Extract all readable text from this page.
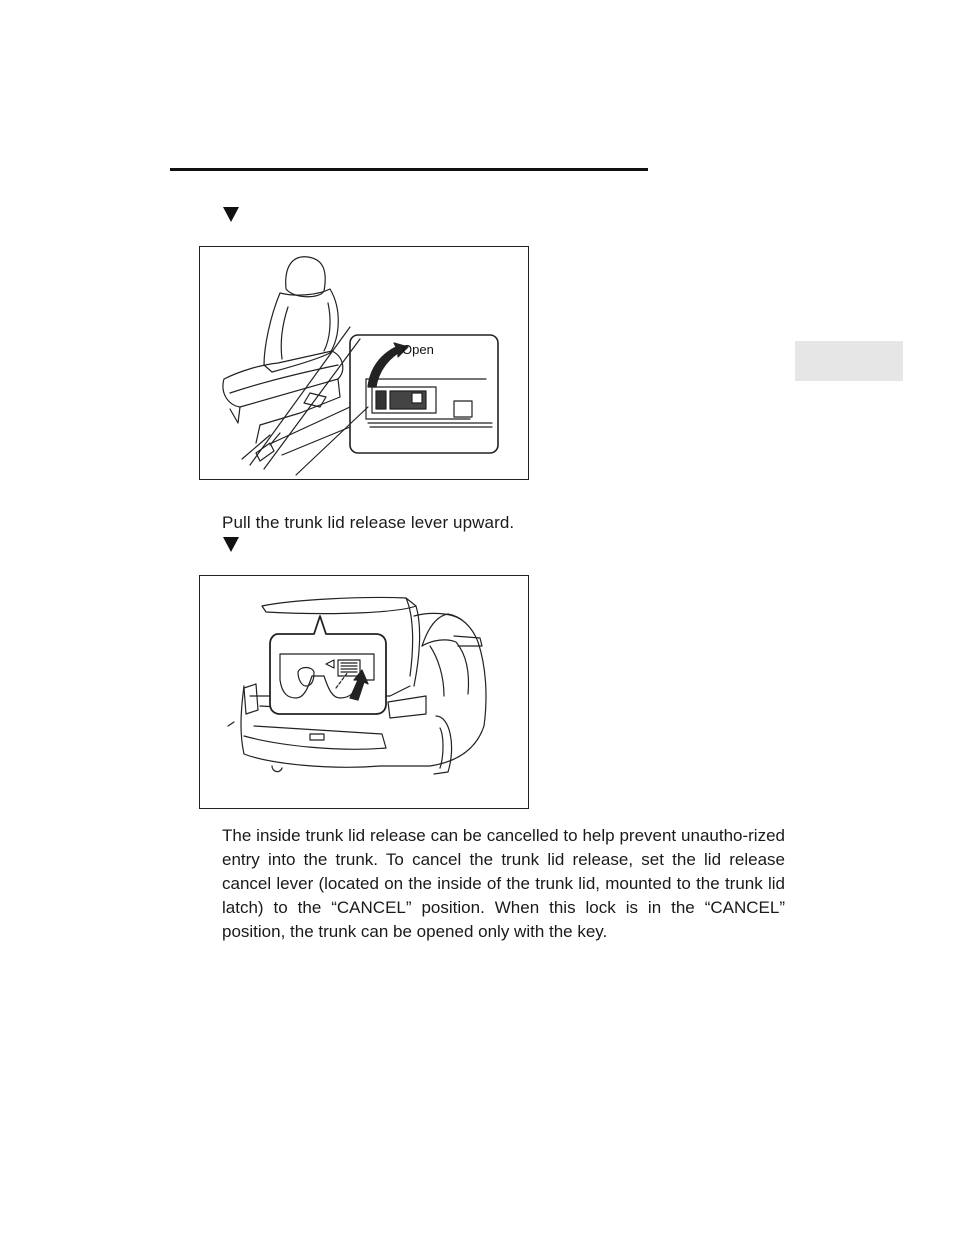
Open

Pull the trunk lid release lever upward.

The inside trunk lid release can be cancelled to help prevent unautho-rized entry into the trunk. To cancel the trunk lid release, set the lid release cancel lever (located on the inside of the trunk lid, mounted to the trunk lid latch) to the “CANCEL” position. When this lock is in the “CANCEL” position, the trunk can be opened only with the key.
